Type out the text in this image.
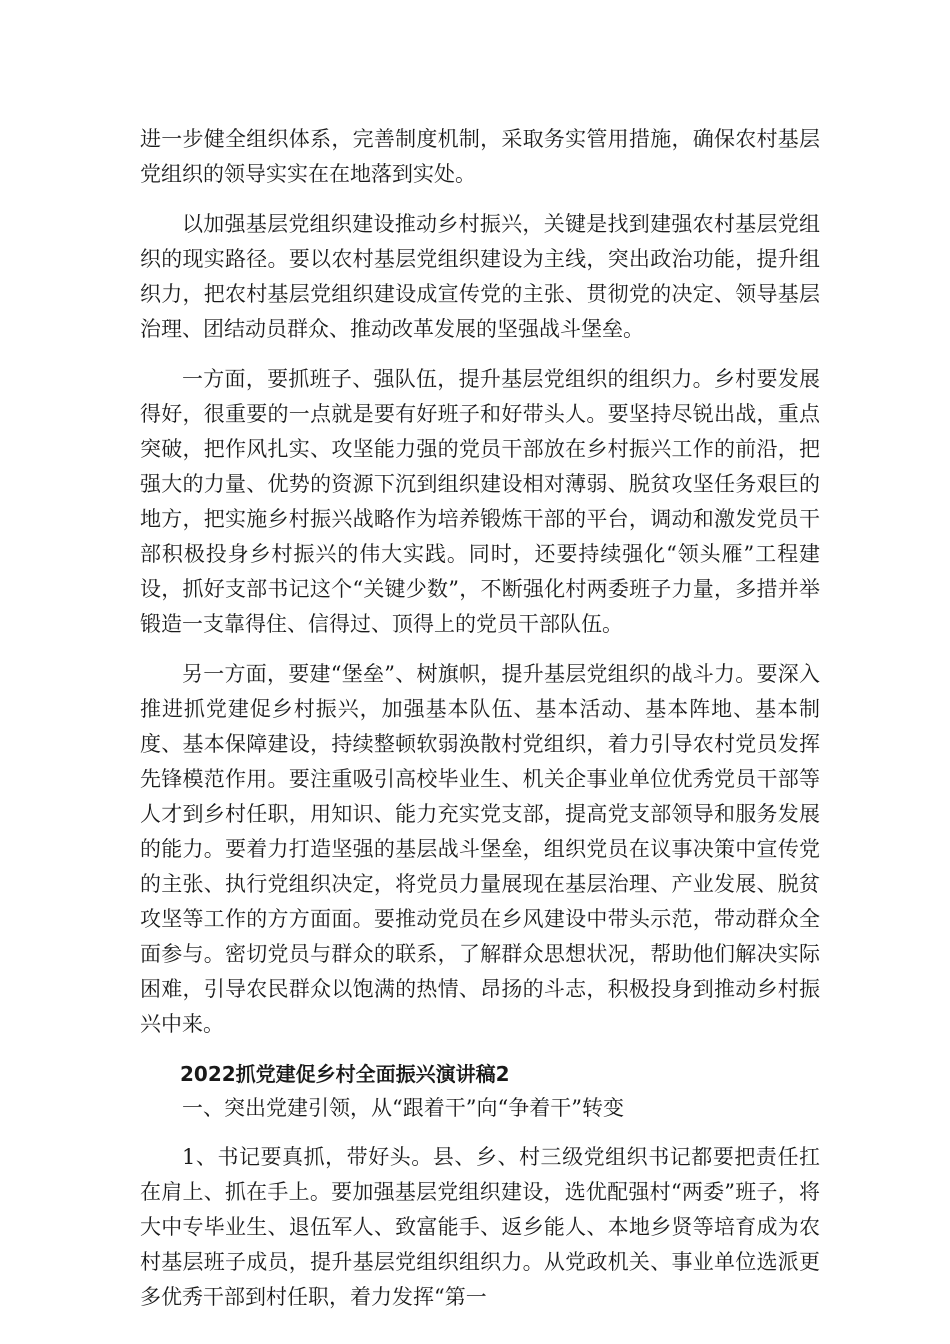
进一步健全组织体系，完善制度机制，采取务实管用措施，确保农村基层党组织的领导实实在在地落到实处。

以加强基层党组织建设推动乡村振兴，关键是找到建强农村基层党组织的现实路径。要以农村基层党组织建设为主线，突出政治功能，提升组织力，把农村基层党组织建设成宣传党的主张、贯彻党的决定、领导基层治理、团结动员群众、推动改革发展的坚强战斗堡垒。

一方面，要抓班子、强队伍，提升基层党组织的组织力。乡村要发展得好，很重要的一点就是要有好班子和好带头人。要坚持尽锐出战，重点突破，把作风扎实、攻坚能力强的党员干部放在乡村振兴工作的前沿，把强大的力量、优势的资源下沉到组织建设相对薄弱、脱贫攻坚任务艰巨的地方，把实施乡村振兴战略作为培养锻炼干部的平台，调动和激发党员干部积极投身乡村振兴的伟大实践。同时，还要持续强化“领头雁”工程建设，抓好支部书记这个“关键少数”，不断强化村两委班子力量，多措并举锻造一支靠得住、信得过、顶得上的党员干部队伍。

另一方面，要建“堡垒”、树旗帜，提升基层党组织的战斗力。要深入推进抓党建促乡村振兴，加强基本队伍、基本活动、基本阵地、基本制度、基本保障建设，持续整顿软弱涣散村党组织，着力引导农村党员发挥先锋模范作用。要注重吸引高校毕业生、机关企事业单位优秀党员干部等人才到乡村任职，用知识、能力充实党支部，提高党支部领导和服务发展的能力。要着力打造坚强的基层战斗堡垒，组织党员在议事决策中宣传党的主张、执行党组织决定，将党员力量展现在基层治理、产业发展、脱贫攻坚等工作的方方面面。要推动党员在乡风建设中带头示范，带动群众全面参与。密切党员与群众的联系，了解群众思想状况，帮助他们解决实际困难，引导农民群众以饱满的热情、昂扬的斗志，积极投身到推动乡村振兴中来。

2022抓党建促乡村全面振兴演讲稿2

一、突出党建引领，从“跟着干”向“争着干”转变

1、书记要真抓，带好头。县、乡、村三级党组织书记都要把责任扛在肩上、抓在手上。要加强基层党组织建设，选优配强村“两委”班子，将大中专毕业生、退伍军人、致富能手、返乡能人、本地乡贤等培育成为农村基层班子成员，提升基层党组织组织力。从党政机关、事业单位选派更多优秀干部到村任职，着力发挥“第一
